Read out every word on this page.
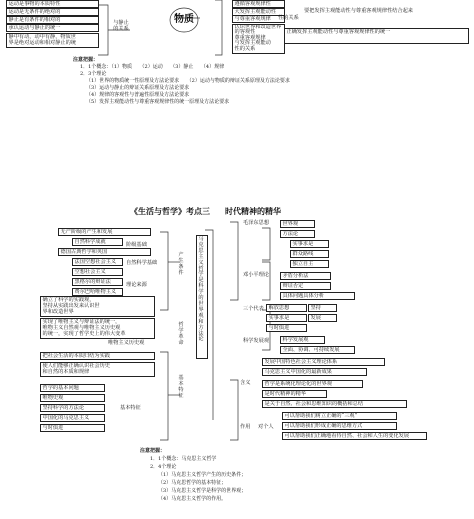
运动是事物的本质特性
运动是无条件的绝对的
静止是有条件的相对的
承认运动与静止的统一
静中有动，动中有静，物质世
界是绝对运动和相对静止的统
与静止
的关系
物质
遵循客观规律性
大发挥主观能动性
与尊重客观规律	性的关系
要把发挥主观能动性与尊重客观规律性结合起来
认识世界和改造世界
的客观性
尊重客观规律
与发挥主观能动
性的关系
正确发挥主观能动性与尊重客观规律性的统一
注意把握：
1．1个概念：（1）物质　　（2）运动　　（3）静止　　（4）规律
2．3个理论
（1）世界的物质统一性原理及方法论要求　　（2）运动与物质的辩证关系原理及方法论要求
（3）运动与静止的辩证关系原理及方法论要求
（4）规律的客观性与普遍性原理及方法论要求
（5）发挥主观能动性与尊重客观规律性的统一原理及方法论要求
《生活与哲学》考点三 时代精神的精华
无产阶级的产生和发展
自然科学成就
德国古典哲学和英国
法国空想社会主义
空想社会主义
黑格尔的辩证法
费尔巴哈唯物主义
阶级基础
自然科学基础
理论来源
确立了科学的实践观，
坚持从实践出发来认识世
界和改造世界
实现了唯物主义与辩证法的统一，
唯物主义自然观与唯物主义历史观
的统一，实现了哲学史上的伟大变革
把社会生活的本质归结为实践
使人们能够正确认识社会历史
和自然的本质和规律
哲学的基本问题
唯物史观
坚持科学的方法论
中国化的马克思主义
与时俱进
唯物主义历史观
基本特征
产生条件
哲学革命
基本特征
马克思主义哲学是科学的世界观和方法论
毛泽东思想	世界观
方法论
实事求是
群众路线
独立自主
邓小平理论	矛盾分析法
辩证否定
具体问题具体分析
三个代表 解放思想
实事求是
与时俱进
坚持
发展
科学发展观	科学发展观
全面、协调、可持续发展
发展中国特色社会主义理论体系
马克思主义中国化的最新成果
含义	哲学是系统化理论化的世界观
是时代精神的精华
是关于自然、社会和思维知识的概括和总结
作用 对个人
可以帮助我们树立正确的“三观”
可以帮助我们形成正确的思维方式
可以帮助我们正确地看待自然、社会和人生的变化发展
注意把握：
1．1个概念：马克思主义哲学
2．4个理论
（1）马克思主义哲学产生的历史条件；
（2）马克思哲学的基本特征；
（3）马克思主义哲学是科学的世界观；
（4）马克思主义哲学的作用。
